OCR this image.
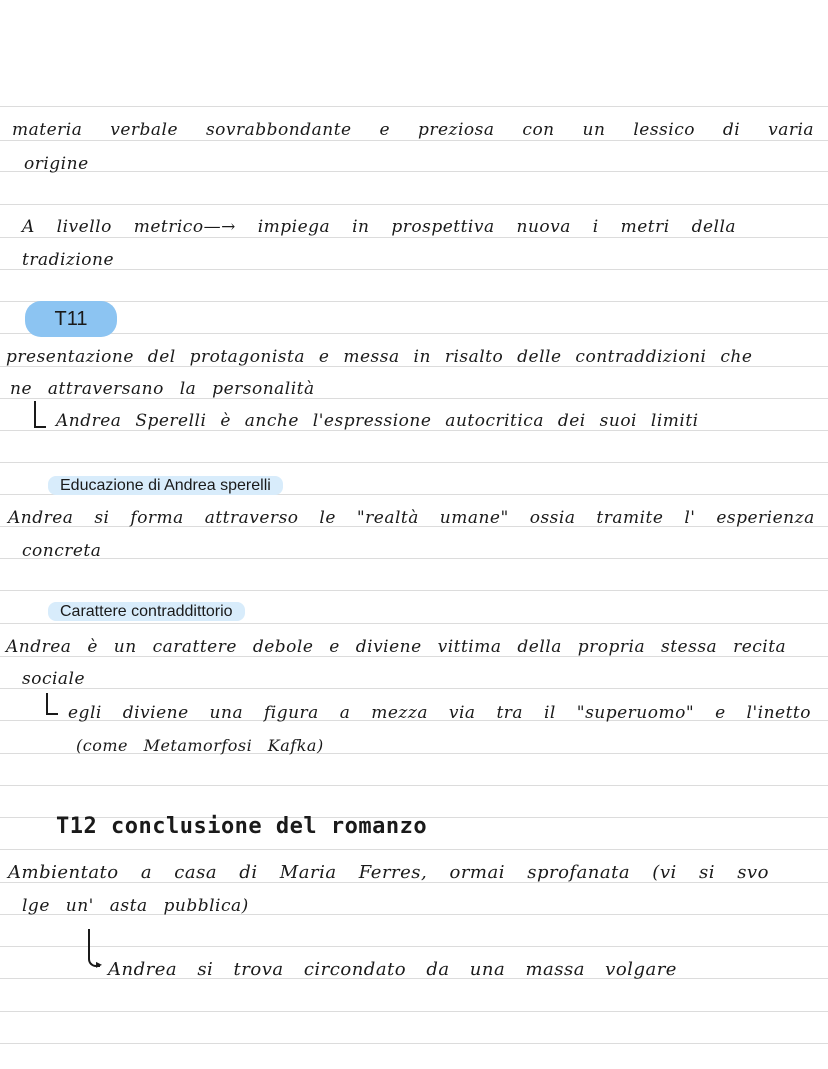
materia verbale sovrabbondante e preziosa con un lessico di varia
origine
A livello metrico—→ impiega in prospettiva nuova i metri della
tradizione
T11
presentazione del protagonista e messa in risalto delle contraddizioni che
ne attraversano la personalità
Andrea Sperelli è anche l'espressione autocritica dei suoi limiti
Educazione di Andrea sperelli
Andrea si forma attraverso le "realtà umane" ossia tramite l' esperienza
concreta
Carattere contraddittorio
Andrea è un carattere debole e diviene vittima della propria stessa recita
sociale
egli diviene una figura a mezza via tra il "superuomo" e l'inetto
(come Metamorfosi Kafka)
T12 conclusione del romanzo
Ambientato a casa di Maria Ferres, ormai sprofanata (vi si svo
lge un' asta pubblica)
▸ Andrea si trova circondato da una massa volgare
